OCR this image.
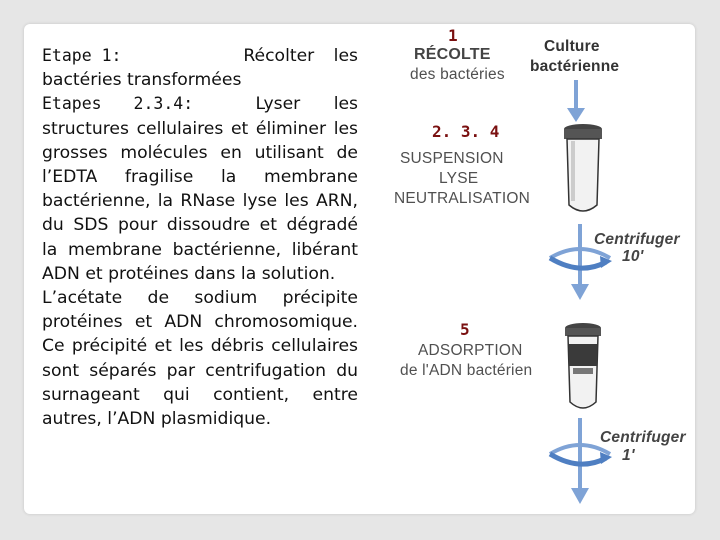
Etape 1:	Récolter les
bactéries transformées

Etapes 2.3.4:	Lyser les
structures cellulaires et éliminer les grosses molécules en utilisant de l’EDTA fragilise la membrane bactérienne, la RNase lyse les ARN, du SDS pour dissoudre et dégradé la membrane bactérienne, libérant ADN et protéines dans la solution.

L’acétate de sodium précipite protéines et ADN chromosomique. Ce précipité et les débris cellulaires sont séparés par centrifugation du surnageant qui contient, entre autres, l’ADN plasmidique.

1
RÉCOLTE
des bactéries
Culture
bactérienne
2. 3. 4
SUSPENSION
LYSE
NEUTRALISATION
Centrifuger
10'
5
ADSORPTION
de l'ADN bactérien
Centrifuger
1'
